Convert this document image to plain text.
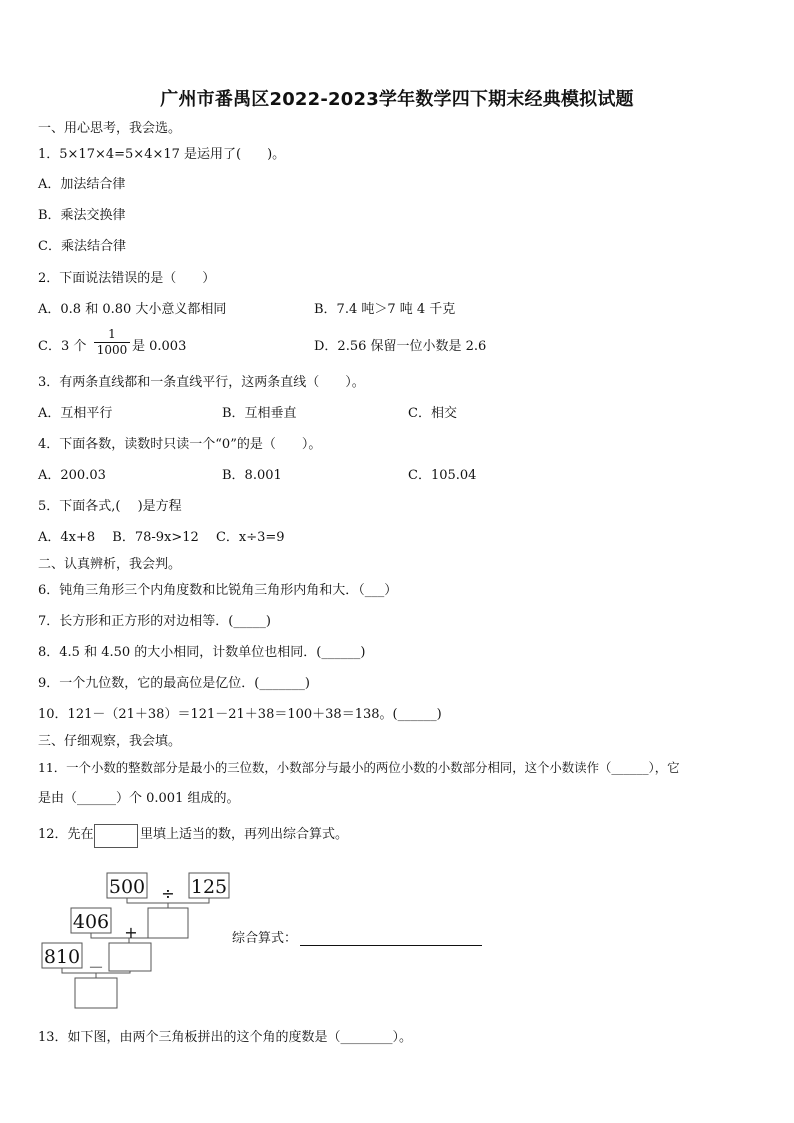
广州市番禺区2022-2023学年数学四下期末经典模拟试题
一、用心思考，我会选。
1．5×17×4=5×4×17 是运用了(　　)。
A．加法结合律
B．乘法交换律
C．乘法结合律
2．下面说法错误的是（　　）
A．0.8 和 0.80 大小意义都相同	B．7.4 吨＞7 吨 4 千克
C．3 个 $\frac{1}{1000}$ 是 0.003	D．2.56 保留一位小数是 2.6
3．有两条直线都和一条直线平行，这两条直线（　　）。
A．互相平行	B．互相垂直	C．相交
4．下面各数，读数时只读一个“0”的是（　　）。
A．200.03	B．8.001	C．105.04
5．下面各式,(　 )是方程
A．4x+8　 B．78-9x>12　 C．x÷3=9
二、认真辨析，我会判。
6．钝角三角形三个内角度数和比锐角三角形内角和大．（___）
7．长方形和正方形的对边相等．(_____)
8．4.5 和 4.50 的大小相同，计数单位也相同．(______)
9．一个九位数，它的最高位是亿位．(_______)
10．121－（21＋38）＝121－21＋38＝100＋38＝138。(______)
三、仔细观察，我会填。
11．一个小数的整数部分是最小的三位数，小数部分与最小的两位小数的小数部分相同，这个小数读作（______），它
是由（______）个 0.001 组成的。
12．先在	里填上适当的数，再列出综合算式。
500 125
406
810
÷
+
－
综合算式：
13．如下图，由两个三角板拼出的这个角的度数是（________）。
